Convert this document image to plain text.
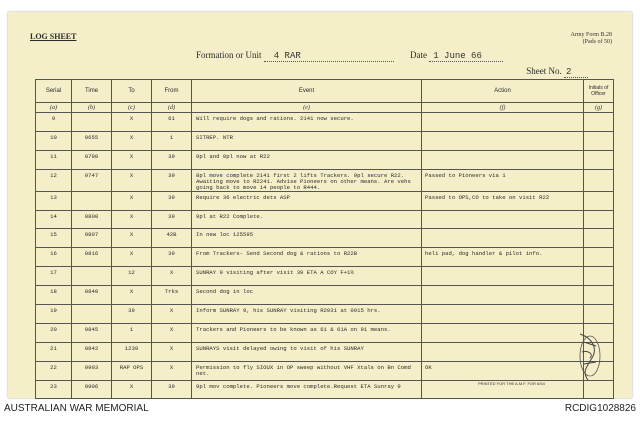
LOG SHEET
Formation or Unit 4 RAR	Date 1 June 66
Army Form B.28
(Pads of 50)
Sheet No. 2
Serial	Time	To	From	Event	Action	Initials of Officer
(a)	(b)	(c)	(d)	(e)	(f)	(g)
9		X	61	Will require dogs and rations. 2141 now secure.		
10	0655	X	1	SITREP. NTR		
11	0700	X	39	9pl and 0pl now at R22		
12	0747	X	39	8pl move complete 2141 first 2 lifts Trackers. 9pl secure R22. Awaiting move to R2241. Advise Pioneers on other means. Are vehs going back to move 14 people to R444.	Passed to Pioneers via 1	
13		X	39	Require 36 electric dets ASP	Passed to OPS,CO to take on visit R22	
14	0800	X	39	9pl at R22 Complete.		
15	0807	X	42B	In new loc 125595		
16	0816	X	39	From Trackers- Send Second dog & rations to R22B	heli pad, dog handler & pilot info.	
17		12	X	SUNRAY 9 visiting after visit 39 ETA A COY F+1½		
18	0840	X	Trks	Second dog in loc		
19		39	X	Inform SUNRAY 9, his SUNRAY visiting R2031 at 0915 hrs.		
20	0845	1	X	Trackers and Pioneers to be known as 61 & 61A on 91 means.		
21	0842	1239	X	SUNRAYS visit delayed owing to visit of his SUNRAY		
22	0903	RAP OPS	X	Permission to fly SIOUX in OP sweep without VHF Xtals on Bn Comd net.	OK	
23	0906	X	39	9pl mov complete. Pioneers move complete.Request ETA Sunray 9			PRINTED FOR THE A.M.F. FOR 6/54
AUSTRALIAN WAR MEMORIAL	RCDIG1028826
